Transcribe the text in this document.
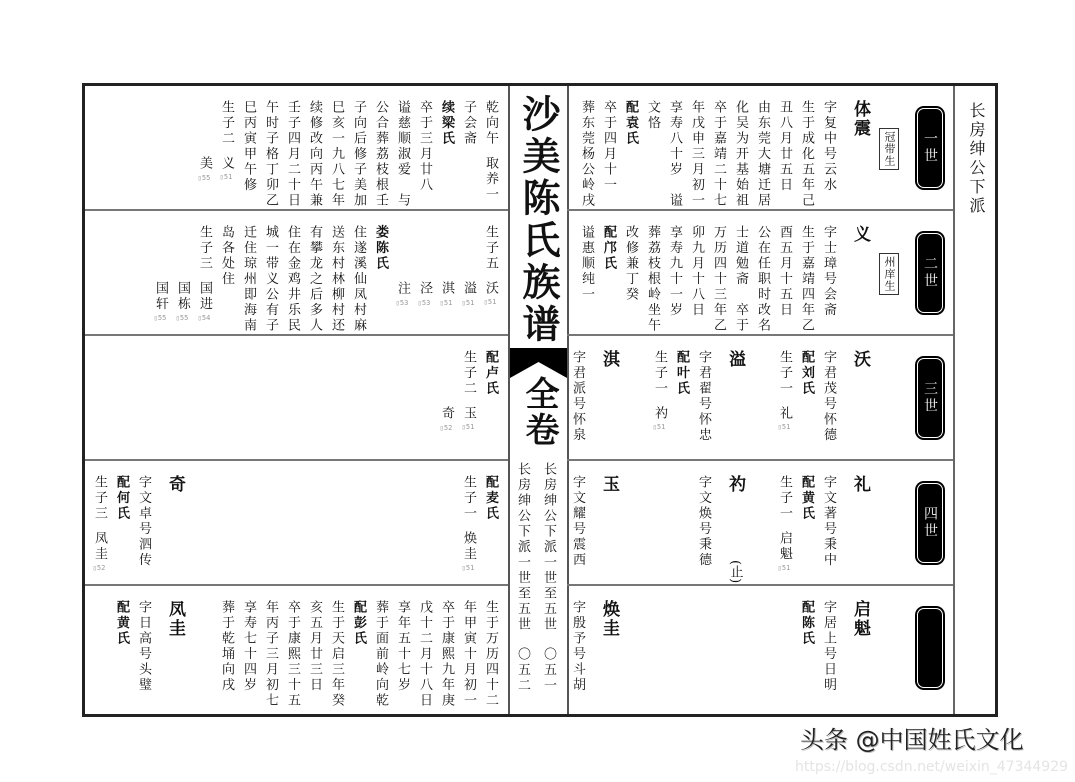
乾向午
取养一
子会斋
续梁氏
卒于三月廿八
谥慈顺淑爱　与
公合葬荔枝根壬
子向后修子美加
巳亥一九八七年
续修改向丙午兼
壬子四月二十日
午时子格丁卯乙
巳丙寅甲午修
生子二
义
▯ 51
美
▯ 55
生子五
沃
▯ 51
溢
▯ 51
淇
▯ 51
泾
▯ 53
注
▯ 53
娄陈氏
住遂溪仙凤村麻
送东村林柳村还
有攀龙之后多人
住在金鸡井乐民
城一带义公有子
迁住琼州即海南
岛各处住
生子三
国进
▯ 54
国栋
▯ 55
国轩
▯ 55
配卢氏
生子二
玉
▯ 51
奇
▯ 52
配麦氏
生子一
焕圭
▯ 51
奇
字文卓号泗传
配何氏
生子三
凤圭
▯ 52
生于万历四十二
年甲寅十月初一
卒于康熙九年庚
戊十二月十八日
享年五十七岁
葬于面前岭向乾
配彭氏
生于天启三年癸
亥五月廿三日
卒于康熙三十五
年丙子三月初七
享寿七十四岁
葬于乾埇向戌
凤圭
字日高号头璧
配黄氏
沙美陈氏族谱
全卷
长房绅公下派一世至五世
〇五一
长房绅公下派一世至五世
〇五二
一世
冠带生
体震
字复中号云水
生于成化五年己
丑八月廿五日
由东莞大塘迁居
化吴为开基始祖
卒于嘉靖二十七
年戊申三月初一
享寿八十岁　谥
文恪
配袁氏
卒于四月十一
葬东莞杨公岭戌
二世
州庠生
义
字士璋号会斋
生于嘉靖四年乙
酉五月十五日
公在任职时改名
士道勉斋　卒于
万历四十三年乙
卯九月十八日
享寿九十一岁
葬荔枝根岭坐午
改修兼丁癸
配邝氏
谥惠顺纯一
三世
沃
字君茂号怀德
配刘氏
生子一
礼
▯ 51
溢
字君翟号怀忠
配叶氏
生子一
礿
▯ 51
淇
字君派号怀泉
四世
礼
字文著号秉中
配黄氏
生子一
启魁
▯ 51
礿
(止)
字文焕号秉德
玉
字文耀号震西
启魁
字居上号日明
配陈氏
焕圭
字殷予号斗胡
长房绅公下派
头条 @中国姓氏文化
https://blog.csdn.net/weixin_47344929
